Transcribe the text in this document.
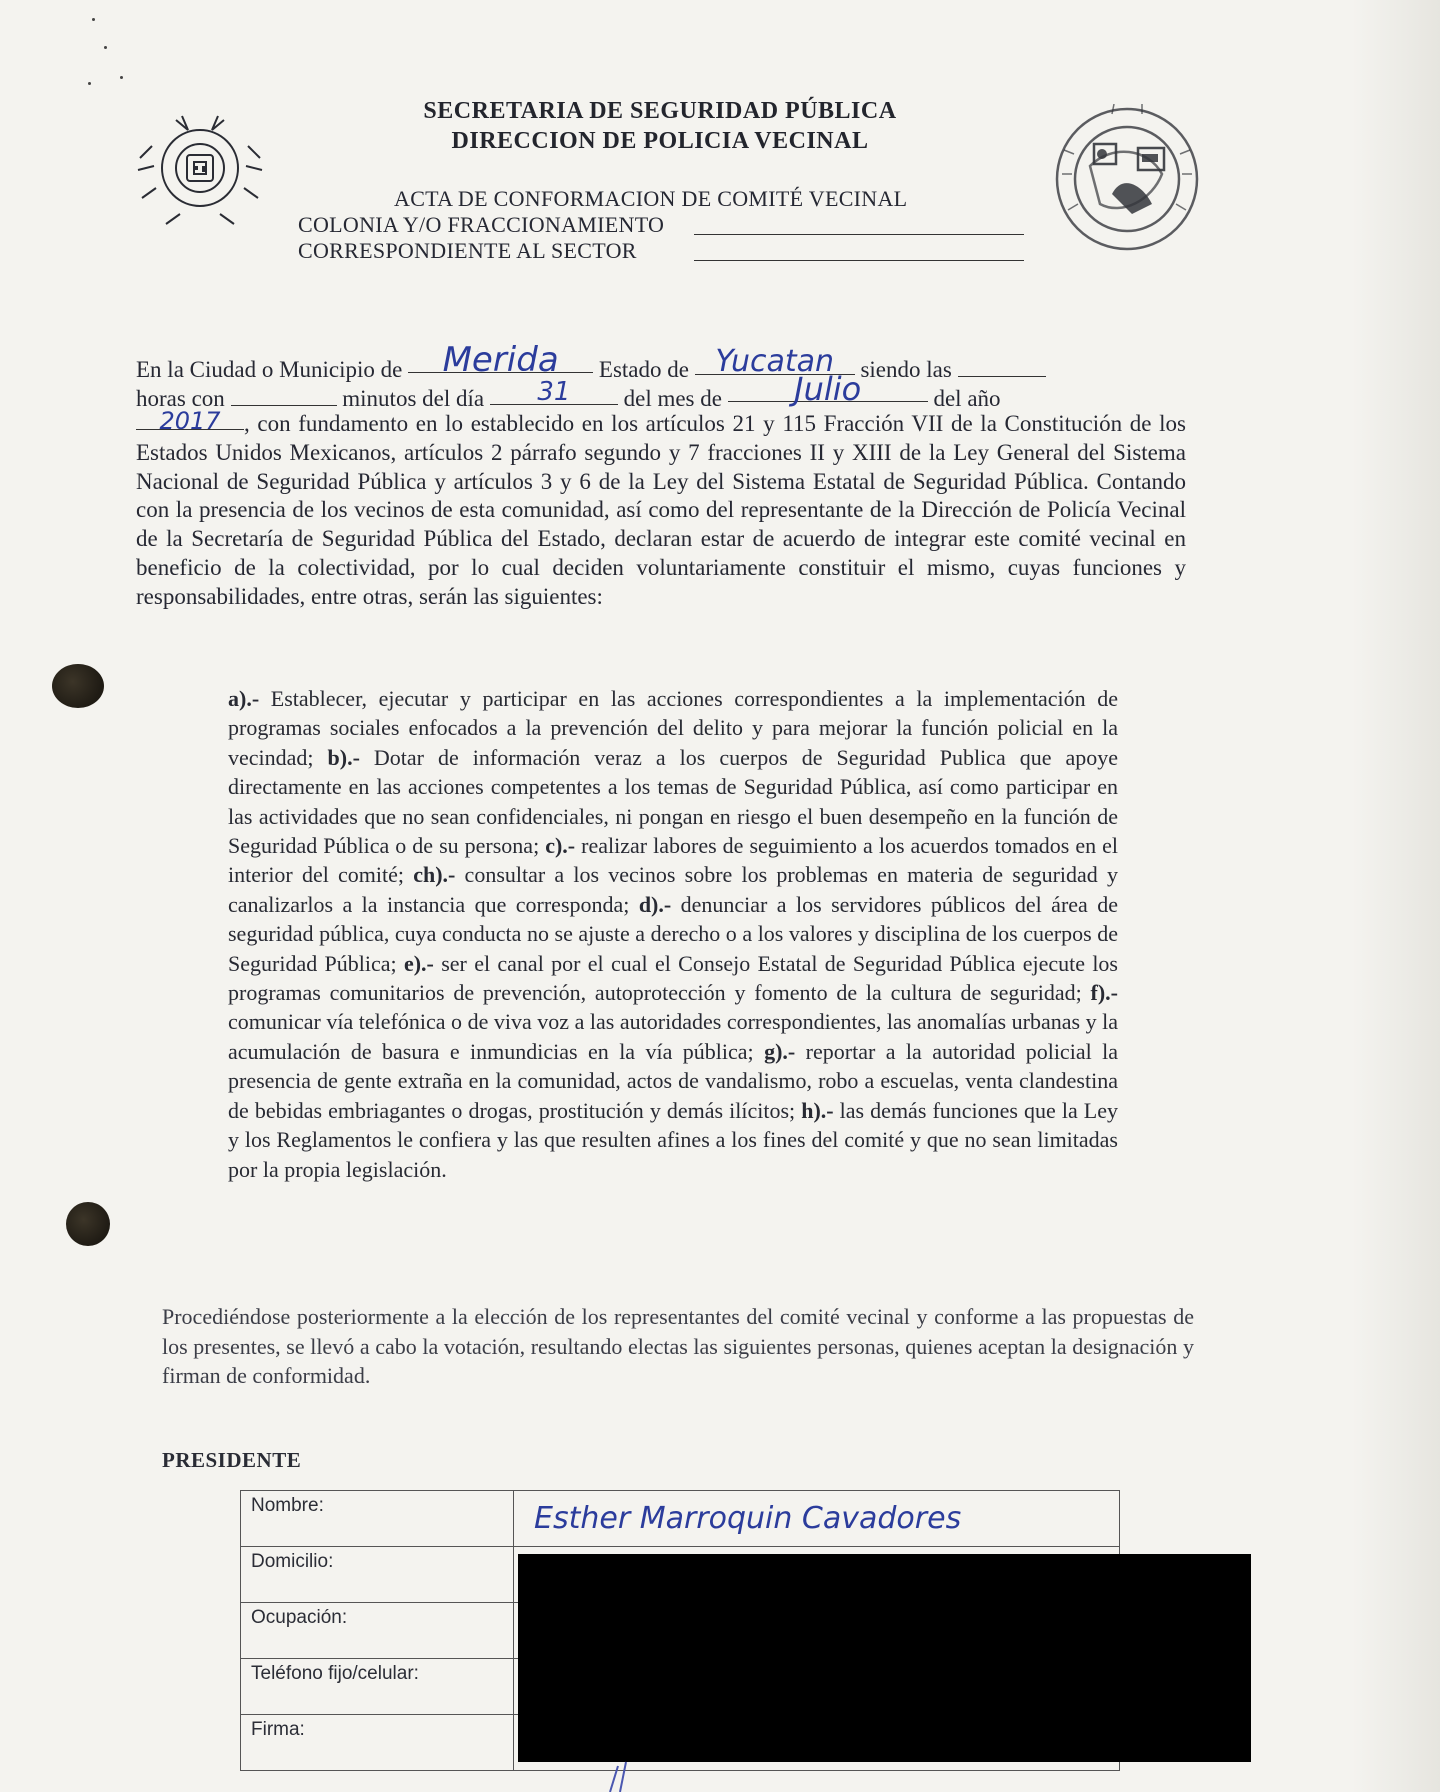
SECRETARIA DE SEGURIDAD PÚBLICA
DIRECCION DE POLICIA VECINAL
ACTA DE CONFORMACION DE COMITÉ VECINAL
COLONIA Y/O FRACCIONAMIENTO
CORRESPONDIENTE AL SECTOR
En la Ciudad o Municipio de Merida Estado de Yucatan siendo las
horas con	minutos del día 31 del mes de Julio	del año
2017 , con fundamento en lo establecido en los artículos 21 y 115 Fracción VII de la Constitución de los Estados Unidos Mexicanos, artículos 2 párrafo segundo y 7 fracciones II y XIII de la Ley General del Sistema Nacional de Seguridad Pública y artículos 3 y 6 de la Ley del Sistema Estatal de Seguridad Pública. Contando con la presencia de los vecinos de esta comunidad, así como del representante de la Dirección de Policía Vecinal de la Secretaría de Seguridad Pública del Estado, declaran estar de acuerdo de integrar este comité vecinal en beneficio de la colectividad, por lo cual deciden voluntariamente constituir el mismo, cuyas funciones y responsabilidades, entre otras, serán las siguientes:
a).- Establecer, ejecutar y participar en las acciones correspondientes a la implementación de programas sociales enfocados a la prevención del delito y para mejorar la función policial en la vecindad; b).- Dotar de información veraz a los cuerpos de Seguridad Publica que apoye directamente en las acciones competentes a los temas de Seguridad Pública, así como participar en las actividades que no sean confidenciales, ni pongan en riesgo el buen desempeño en la función de Seguridad Pública o de su persona; c).- realizar labores de seguimiento a los acuerdos tomados en el interior del comité; ch).- consultar a los vecinos sobre los problemas en materia de seguridad y canalizarlos a la instancia que corresponda; d).- denunciar a los servidores públicos del área de seguridad pública, cuya conducta no se ajuste a derecho o a los valores y disciplina de los cuerpos de Seguridad Pública; e).- ser el canal por el cual el Consejo Estatal de Seguridad Pública ejecute los programas comunitarios de prevención, autoprotección y fomento de la cultura de seguridad; f).- comunicar vía telefónica o de viva voz a las autoridades correspondientes, las anomalías urbanas y la acumulación de basura e inmundicias en la vía pública; g).- reportar a la autoridad policial la presencia de gente extraña en la comunidad, actos de vandalismo, robo a escuelas, venta clandestina de bebidas embriagantes o drogas, prostitución y demás ilícitos; h).- las demás funciones que la Ley y los Reglamentos le confiera y las que resulten afines a los fines del comité y que no sean limitadas por la propia legislación.
Procediéndose posteriormente a la elección de los representantes del comité vecinal y conforme a las propuestas de los presentes, se llevó a cabo la votación, resultando electas las siguientes personas, quienes aceptan la designación y firman de conformidad.
PRESIDENTE
Nombre:	Esther Marroquin Cavadores
Domicilio:	
Ocupación:	
Teléfono fijo/celular:	
Firma:	
